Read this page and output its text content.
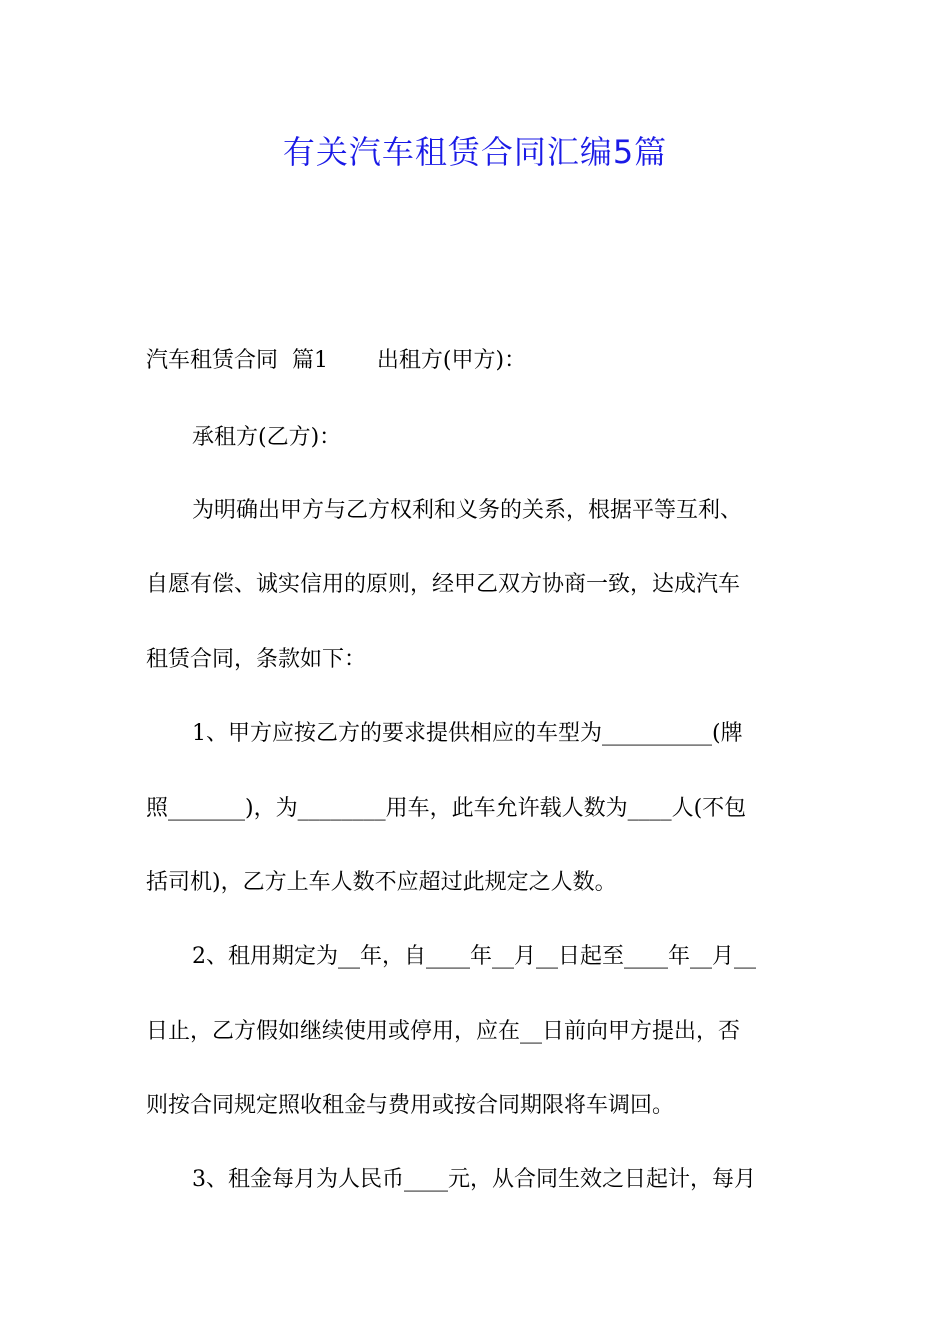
有关汽车租赁合同汇编5篇
汽车租赁合同  篇1       出租方(甲方)：
承租方(乙方)：
为明确出甲方与乙方权利和义务的关系，根据平等互利、
自愿有偿、诚实信用的原则，经甲乙双方协商一致，达成汽车
租赁合同，条款如下：
1、甲方应按乙方的要求提供相应的车型为__________(牌
照_______)，为________用车，此车允许载人数为____人(不包
括司机)，乙方上车人数不应超过此规定之人数。
2、租用期定为__年，自____年__月__日起至____年__月__
日止，乙方假如继续使用或停用，应在__日前向甲方提出，否
则按合同规定照收租金与费用或按合同期限将车调回。
3、租金每月为人民币____元，从合同生效之日起计，每月
